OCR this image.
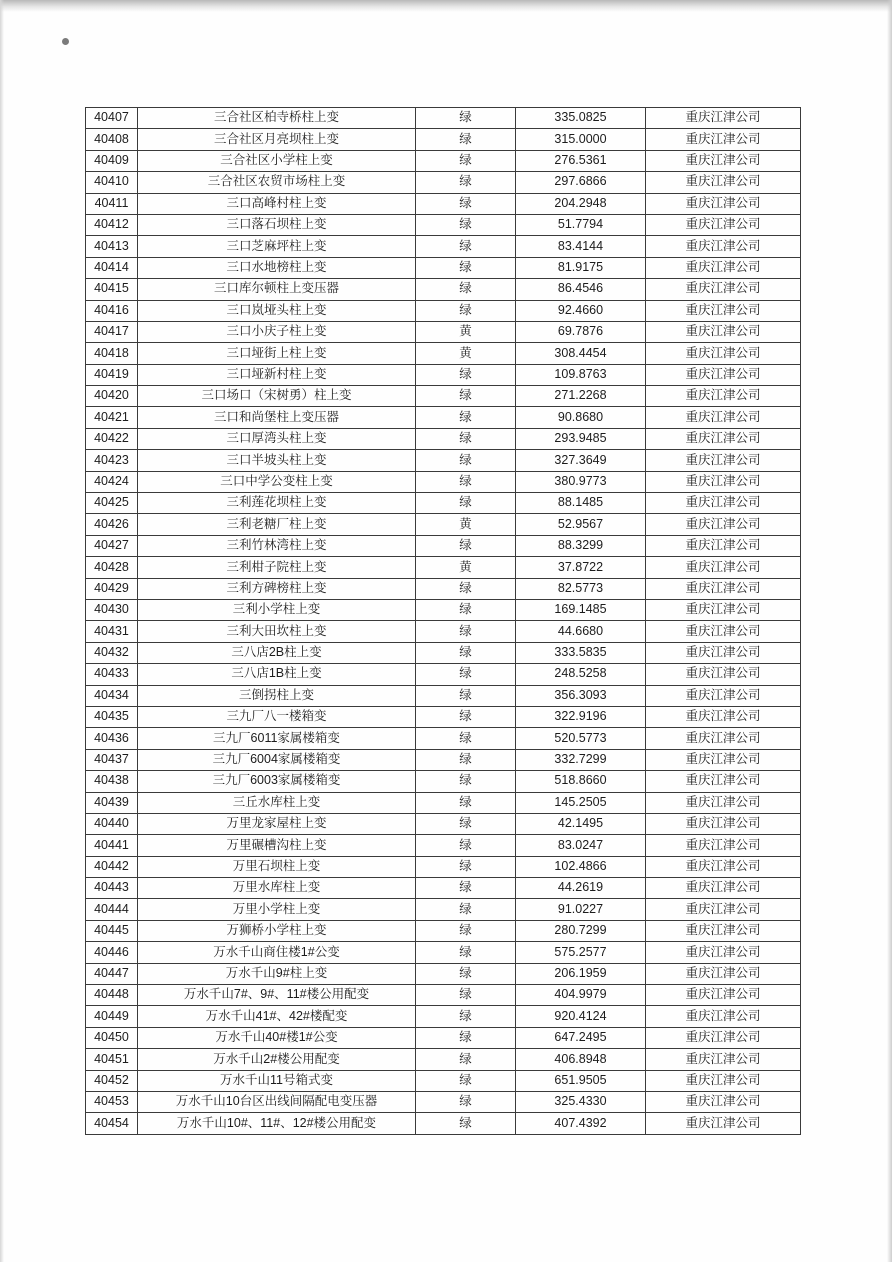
40407	三合社区柏寺桥柱上变	绿	335.0825	重庆江津公司
40408	三合社区月亮坝柱上变	绿	315.0000	重庆江津公司
40409	三合社区小学柱上变	绿	276.5361	重庆江津公司
40410	三合社区农贸市场柱上变	绿	297.6866	重庆江津公司
40411	三口高峰村柱上变	绿	204.2948	重庆江津公司
40412	三口落石坝柱上变	绿	51.7794	重庆江津公司
40413	三口芝麻坪柱上变	绿	83.4144	重庆江津公司
40414	三口水地榜柱上变	绿	81.9175	重庆江津公司
40415	三口库尔顿柱上变压器	绿	86.4546	重庆江津公司
40416	三口岚垭头柱上变	绿	92.4660	重庆江津公司
40417	三口小庆子柱上变	黄	69.7876	重庆江津公司
40418	三口垭街上柱上变	黄	308.4454	重庆江津公司
40419	三口垭新村柱上变	绿	109.8763	重庆江津公司
40420	三口场口（宋树勇）柱上变	绿	271.2268	重庆江津公司
40421	三口和尚堡柱上变压器	绿	90.8680	重庆江津公司
40422	三口厚湾头柱上变	绿	293.9485	重庆江津公司
40423	三口半坡头柱上变	绿	327.3649	重庆江津公司
40424	三口中学公变柱上变	绿	380.9773	重庆江津公司
40425	三利莲花坝柱上变	绿	88.1485	重庆江津公司
40426	三利老糖厂柱上变	黄	52.9567	重庆江津公司
40427	三利竹林湾柱上变	绿	88.3299	重庆江津公司
40428	三利柑子院柱上变	黄	37.8722	重庆江津公司
40429	三利方碑榜柱上变	绿	82.5773	重庆江津公司
40430	三利小学柱上变	绿	169.1485	重庆江津公司
40431	三利大田坎柱上变	绿	44.6680	重庆江津公司
40432	三八店2B柱上变	绿	333.5835	重庆江津公司
40433	三八店1B柱上变	绿	248.5258	重庆江津公司
40434	三倒拐柱上变	绿	356.3093	重庆江津公司
40435	三九厂八一楼箱变	绿	322.9196	重庆江津公司
40436	三九厂6011家属楼箱变	绿	520.5773	重庆江津公司
40437	三九厂6004家属楼箱变	绿	332.7299	重庆江津公司
40438	三九厂6003家属楼箱变	绿	518.8660	重庆江津公司
40439	三丘水库柱上变	绿	145.2505	重庆江津公司
40440	万里龙家屋柱上变	绿	42.1495	重庆江津公司
40441	万里碾槽沟柱上变	绿	83.0247	重庆江津公司
40442	万里石坝柱上变	绿	102.4866	重庆江津公司
40443	万里水库柱上变	绿	44.2619	重庆江津公司
40444	万里小学柱上变	绿	91.0227	重庆江津公司
40445	万狮桥小学柱上变	绿	280.7299	重庆江津公司
40446	万水千山商住楼1#公变	绿	575.2577	重庆江津公司
40447	万水千山9#柱上变	绿	206.1959	重庆江津公司
40448	万水千山7#、9#、11#楼公用配变	绿	404.9979	重庆江津公司
40449	万水千山41#、42#楼配变	绿	920.4124	重庆江津公司
40450	万水千山40#楼1#公变	绿	647.2495	重庆江津公司
40451	万水千山2#楼公用配变	绿	406.8948	重庆江津公司
40452	万水千山11号箱式变	绿	651.9505	重庆江津公司
40453	万水千山10台区出线间隔配电变压器	绿	325.4330	重庆江津公司
40454	万水千山10#、11#、12#楼公用配变	绿	407.4392	重庆江津公司
